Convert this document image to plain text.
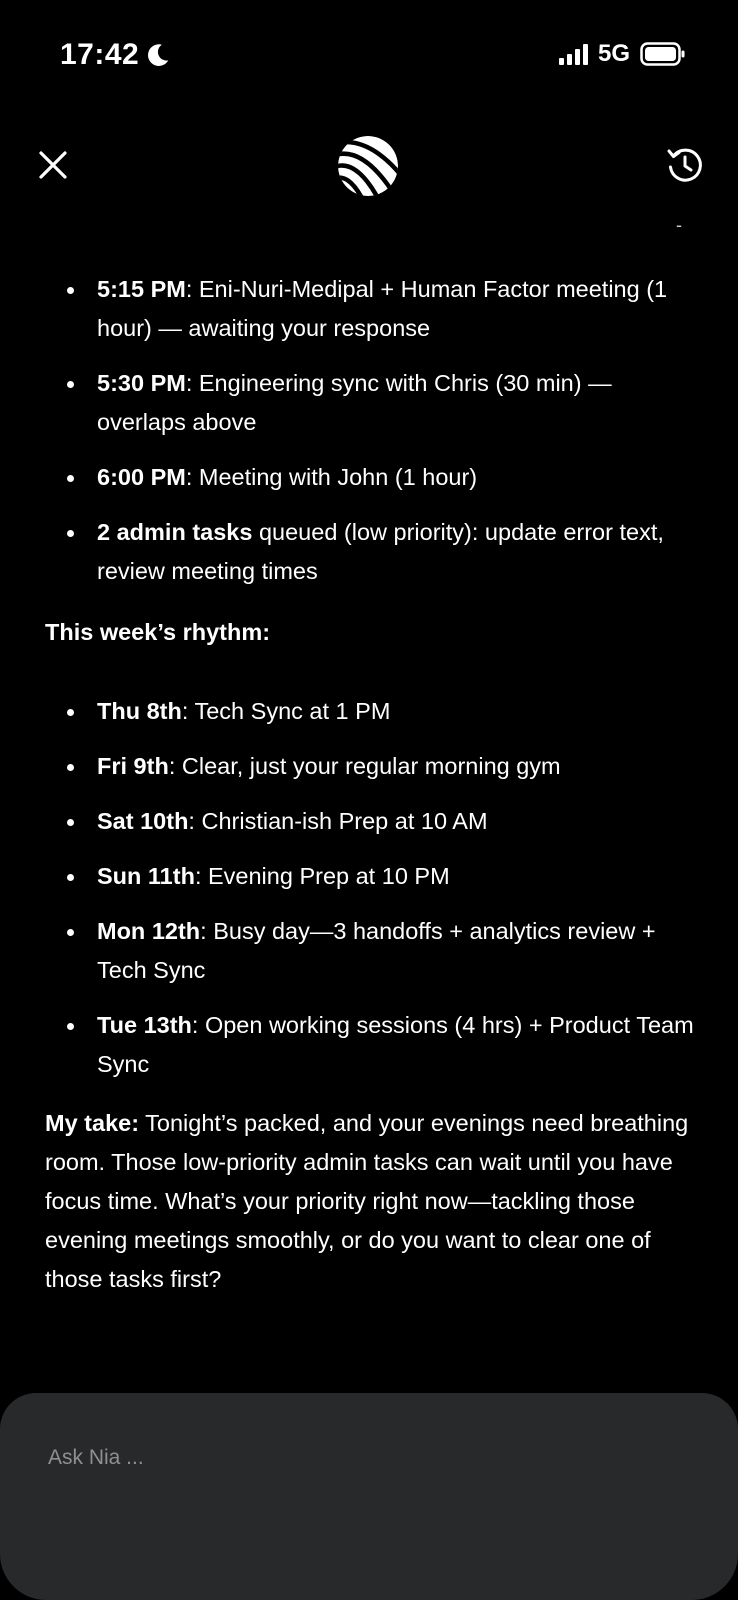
17:42	5G
-
5:15 PM: Eni-Nuri-Medipal + Human Factor meeting (1 hour) — awaiting your response
5:30 PM: Engineering sync with Chris (30 min) — overlaps above
6:00 PM: Meeting with John (1 hour)
2 admin tasks queued (low priority): update error text, review meeting times
This week’s rhythm:
Thu 8th: Tech Sync at 1 PM
Fri 9th: Clear, just your regular morning gym
Sat 10th: Christian-ish Prep at 10 AM
Sun 11th: Evening Prep at 10 PM
Mon 12th: Busy day—3 handoffs + analytics review + Tech Sync
Tue 13th: Open working sessions (4 hrs) + Product Team Sync

My take: Tonight’s packed, and your evenings need breathing room. Those low-priority admin tasks can wait until you have focus time. What’s your priority right now—tackling those evening meetings smoothly, or do you want to clear one of those tasks first?

Ask Nia ...
